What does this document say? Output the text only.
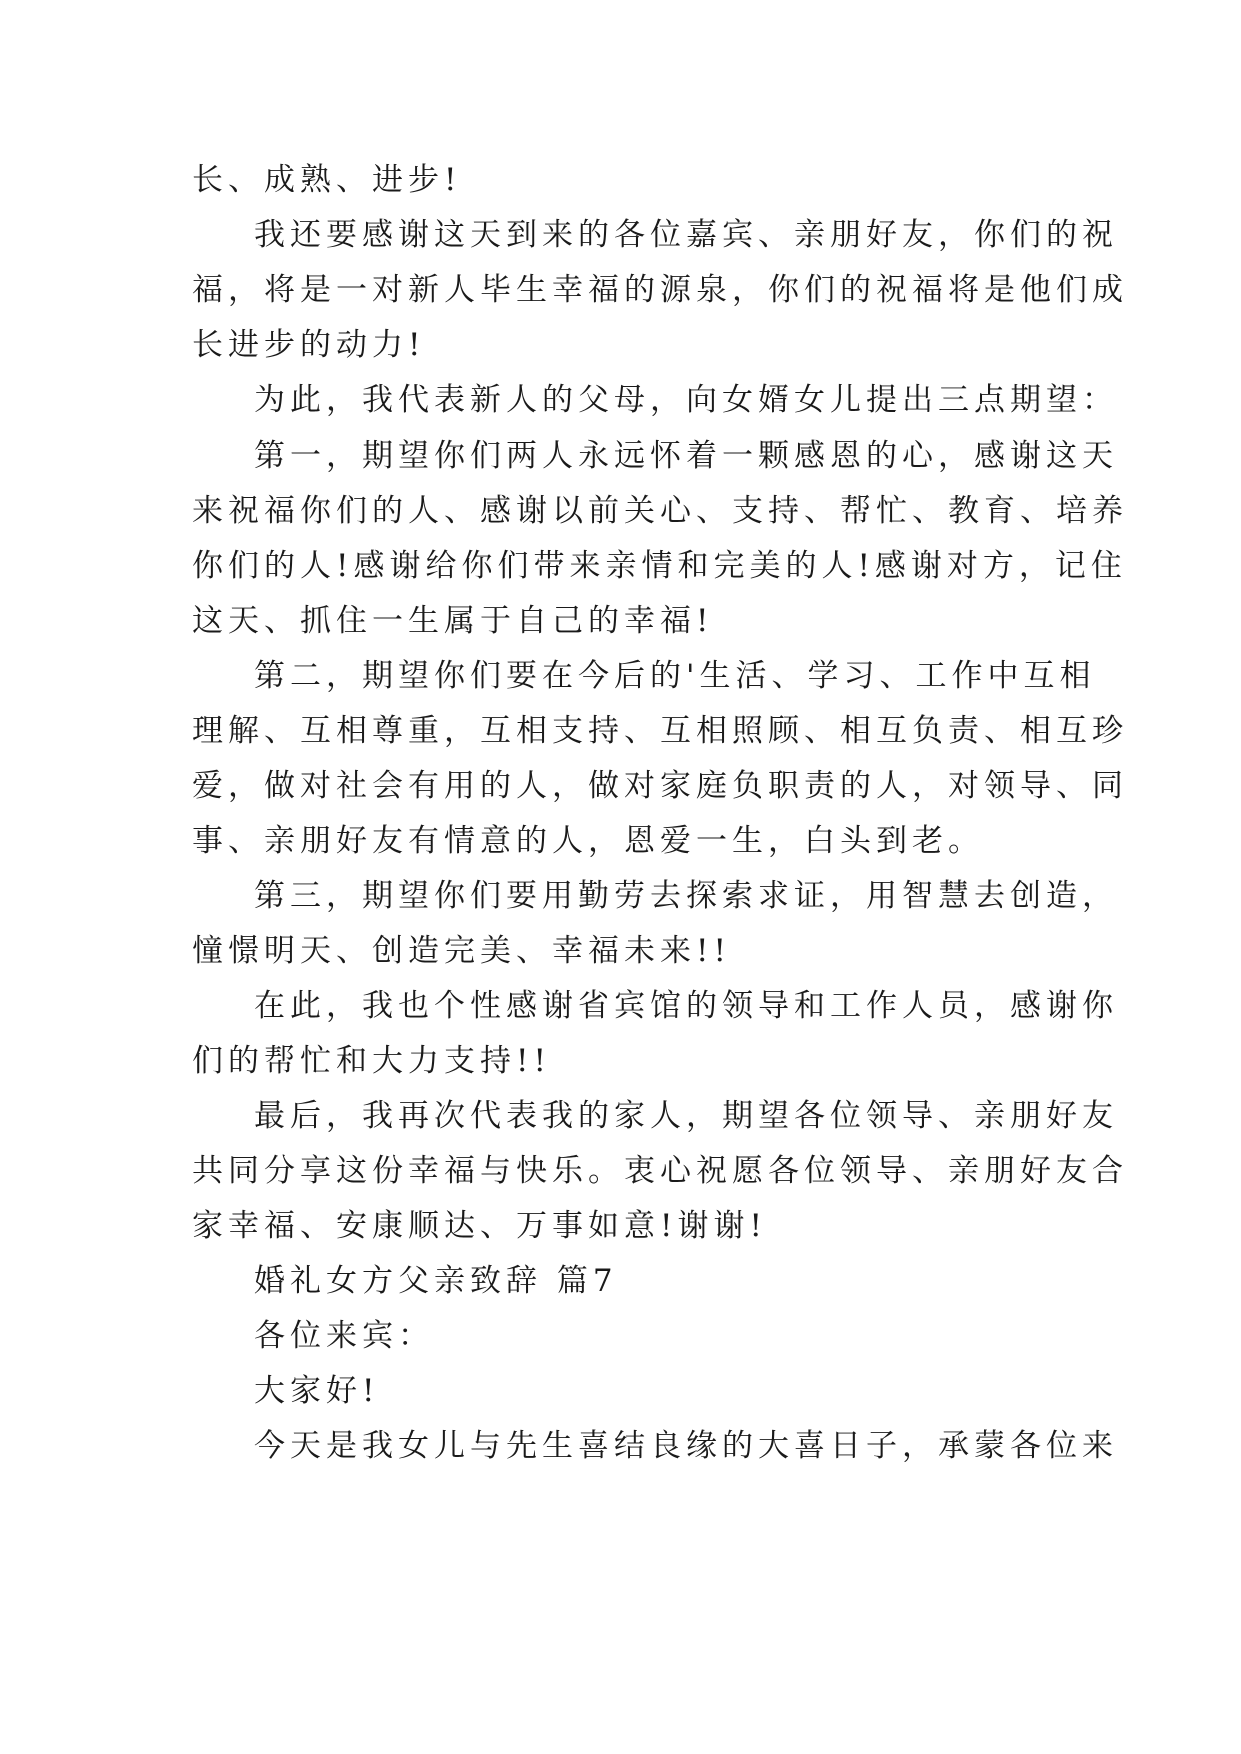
长、成熟、进步!
我还要感谢这天到来的各位嘉宾、亲朋好友，你们的祝
福，将是一对新人毕生幸福的源泉，你们的祝福将是他们成
长进步的动力!
为此，我代表新人的父母，向女婿女儿提出三点期望：
第一，期望你们两人永远怀着一颗感恩的心，感谢这天
来祝福你们的人、感谢以前关心、支持、帮忙、教育、培养
你们的人!感谢给你们带来亲情和完美的人!感谢对方，记住
这天、抓住一生属于自己的幸福!
第二，期望你们要在今后的'生活、学习、工作中互相
理解、互相尊重，互相支持、互相照顾、相互负责、相互珍
爱，做对社会有用的人，做对家庭负职责的人，对领导、同
事、亲朋好友有情意的人，恩爱一生，白头到老。
第三，期望你们要用勤劳去探索求证，用智慧去创造，
憧憬明天、创造完美、幸福未来!!
在此，我也个性感谢省宾馆的领导和工作人员，感谢你
们的帮忙和大力支持!!
最后，我再次代表我的家人，期望各位领导、亲朋好友
共同分享这份幸福与快乐。衷心祝愿各位领导、亲朋好友合
家幸福、安康顺达、万事如意!谢谢!
婚礼女方父亲致辞 篇7
各位来宾：
大家好!
今天是我女儿与先生喜结良缘的大喜日子，承蒙各位来
